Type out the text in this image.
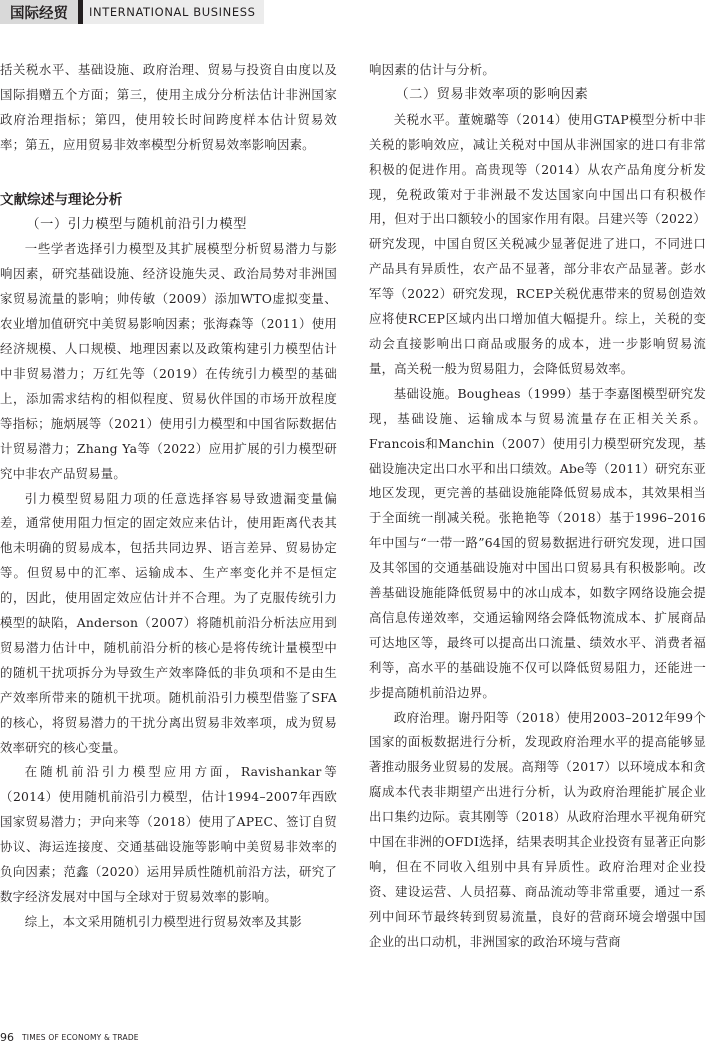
国际经贸	INTERNATIONAL BUSINESS

括关税水平、基础设施、政府治理、贸易与投资自由度以及国际捐赠五个方面；第三，使用主成分分析法估计非洲国家政府治理指标；第四，使用较长时间跨度样本估计贸易效率；第五，应用贸易非效率模型分析贸易效率影响因素。

文献综述与理论分析

（一）引力模型与随机前沿引力模型

一些学者选择引力模型及其扩展模型分析贸易潜力与影响因素，研究基础设施、经济设施失灵、政治局势对非洲国家贸易流量的影响；帅传敏（2009）添加WTO虚拟变量、农业增加值研究中美贸易影响因素；张海森等（2011）使用经济规模、人口规模、地理因素以及政策构建引力模型估计中非贸易潜力；万红先等（2019）在传统引力模型的基础上，添加需求结构的相似程度、贸易伙伴国的市场开放程度等指标；施炳展等（2021）使用引力模型和中国省际数据估计贸易潜力；Zhang Ya等（2022）应用扩展的引力模型研究中非农产品贸易量。

引力模型贸易阻力项的任意选择容易导致遗漏变量偏差，通常使用阻力恒定的固定效应来估计，使用距离代表其他未明确的贸易成本，包括共同边界、语言差异、贸易协定等。但贸易中的汇率、运输成本、生产率变化并不是恒定的，因此，使用固定效应估计并不合理。为了克服传统引力模型的缺陷，Anderson（2007）将随机前沿分析法应用到贸易潜力估计中，随机前沿分析的核心是将传统计量模型中的随机干扰项拆分为导致生产效率降低的非负项和不是由生产效率所带来的随机干扰项。随机前沿引力模型借鉴了SFA的核心，将贸易潜力的干扰分离出贸易非效率项，成为贸易效率研究的核心变量。

在随机前沿引力模型应用方面，Ravishankar等（2014）使用随机前沿引力模型，估计1994–2007年西欧国家贸易潜力；尹向来等（2018）使用了APEC、签订自贸协议、海运连接度、交通基础设施等影响中美贸易非效率的负向因素；范鑫（2020）运用异质性随机前沿方法，研究了数字经济发展对中国与全球对于贸易效率的影响。

综上，本文采用随机引力模型进行贸易效率及其影

响因素的估计与分析。

（二）贸易非效率项的影响因素

关税水平。董婉璐等（2014）使用GTAP模型分析中非关税的影响效应，减让关税对中国从非洲国家的进口有非常积极的促进作用。高贵现等（2014）从农产品角度分析发现，免税政策对于非洲最不发达国家向中国出口有积极作用，但对于出口额较小的国家作用有限。吕建兴等（2022）研究发现，中国自贸区关税减少显著促进了进口，不同进口产品具有异质性，农产品不显著，部分非农产品显著。彭水军等（2022）研究发现，RCEP关税优惠带来的贸易创造效应将使RCEP区域内出口增加值大幅提升。综上，关税的变动会直接影响出口商品或服务的成本，进一步影响贸易流量，高关税一般为贸易阻力，会降低贸易效率。

基础设施。Bougheas（1999）基于李嘉图模型研究发现，基础设施、运输成本与贸易流量存在正相关关系。Francois和Manchin（2007）使用引力模型研究发现，基础设施决定出口水平和出口绩效。Abe等（2011）研究东亚地区发现，更完善的基础设施能降低贸易成本，其效果相当于全面统一削减关税。张艳艳等（2018）基于1996–2016年中国与“一带一路”64国的贸易数据进行研究发现，进口国及其邻国的交通基础设施对中国出口贸易具有积极影响。改善基础设施能降低贸易中的冰山成本，如数字网络设施会提高信息传递效率，交通运输网络会降低物流成本、扩展商品可达地区等，最终可以提高出口流量、绩效水平、消费者福利等，高水平的基础设施不仅可以降低贸易阻力，还能进一步提高随机前沿边界。

政府治理。谢丹阳等（2018）使用2003–2012年99个国家的面板数据进行分析，发现政府治理水平的提高能够显著推动服务业贸易的发展。高翔等（2017）以环境成本和贪腐成本代表非期望产出进行分析，认为政府治理能扩展企业出口集约边际。袁其刚等（2018）从政府治理水平视角研究中国在非洲的OFDI选择，结果表明其企业投资有显著正向影响，但在不同收入组别中具有异质性。政府治理对企业投资、建设运营、人员招募、商品流动等非常重要，通过一系列中间环节最终转到贸易流量，良好的营商环境会增强中国企业的出口动机，非洲国家的政治环境与营商

96 TIMES OF ECONOMY & TRADE
